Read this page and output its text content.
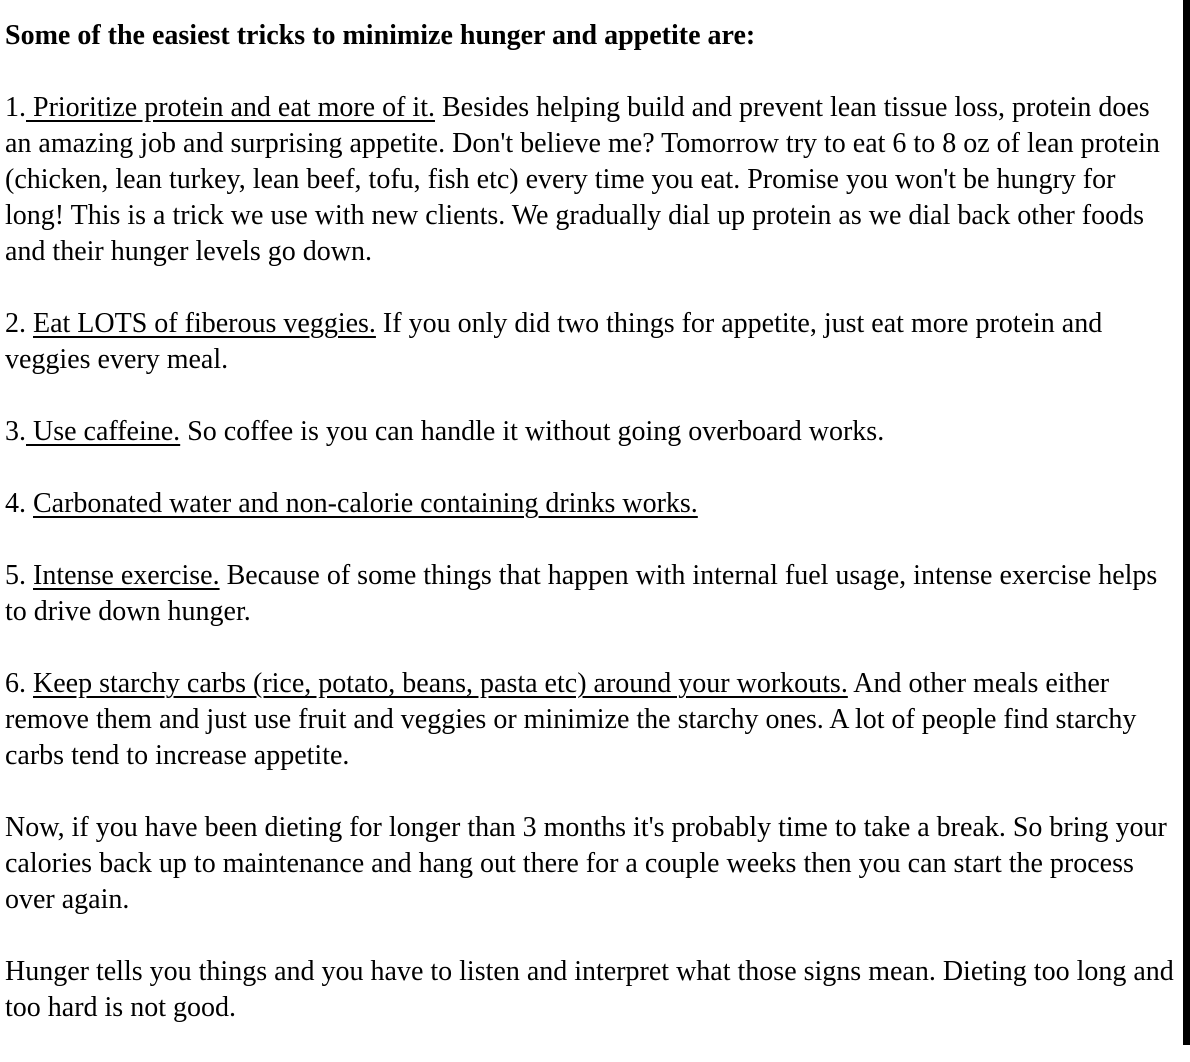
Some of the easiest tricks to minimize hunger and appetite are:

1. Prioritize protein and eat more of it. Besides helping build and prevent lean tissue loss, protein does an amazing job and surprising appetite. Don't believe me? Tomorrow try to eat 6 to 8 oz of lean protein (chicken, lean turkey, lean beef, tofu, fish etc) every time you eat. Promise you won't be hungry for long! This is a trick we use with new clients. We gradually dial up protein as we dial back other foods and their hunger levels go down.

2. Eat LOTS of fiberous veggies. If you only did two things for appetite, just eat more protein and veggies every meal.

3. Use caffeine. So coffee is you can handle it without going overboard works.

4. Carbonated water and non-calorie containing drinks works.

5. Intense exercise. Because of some things that happen with internal fuel usage, intense exercise helps to drive down hunger.

6. Keep starchy carbs (rice, potato, beans, pasta etc) around your workouts. And other meals either remove them and just use fruit and veggies or minimize the starchy ones. A lot of people find starchy carbs tend to increase appetite.

Now, if you have been dieting for longer than 3 months it's probably time to take a break. So bring your calories back up to maintenance and hang out there for a couple weeks then you can start the process over again.

Hunger tells you things and you have to listen and interpret what those signs mean. Dieting too long and too hard is not good.
